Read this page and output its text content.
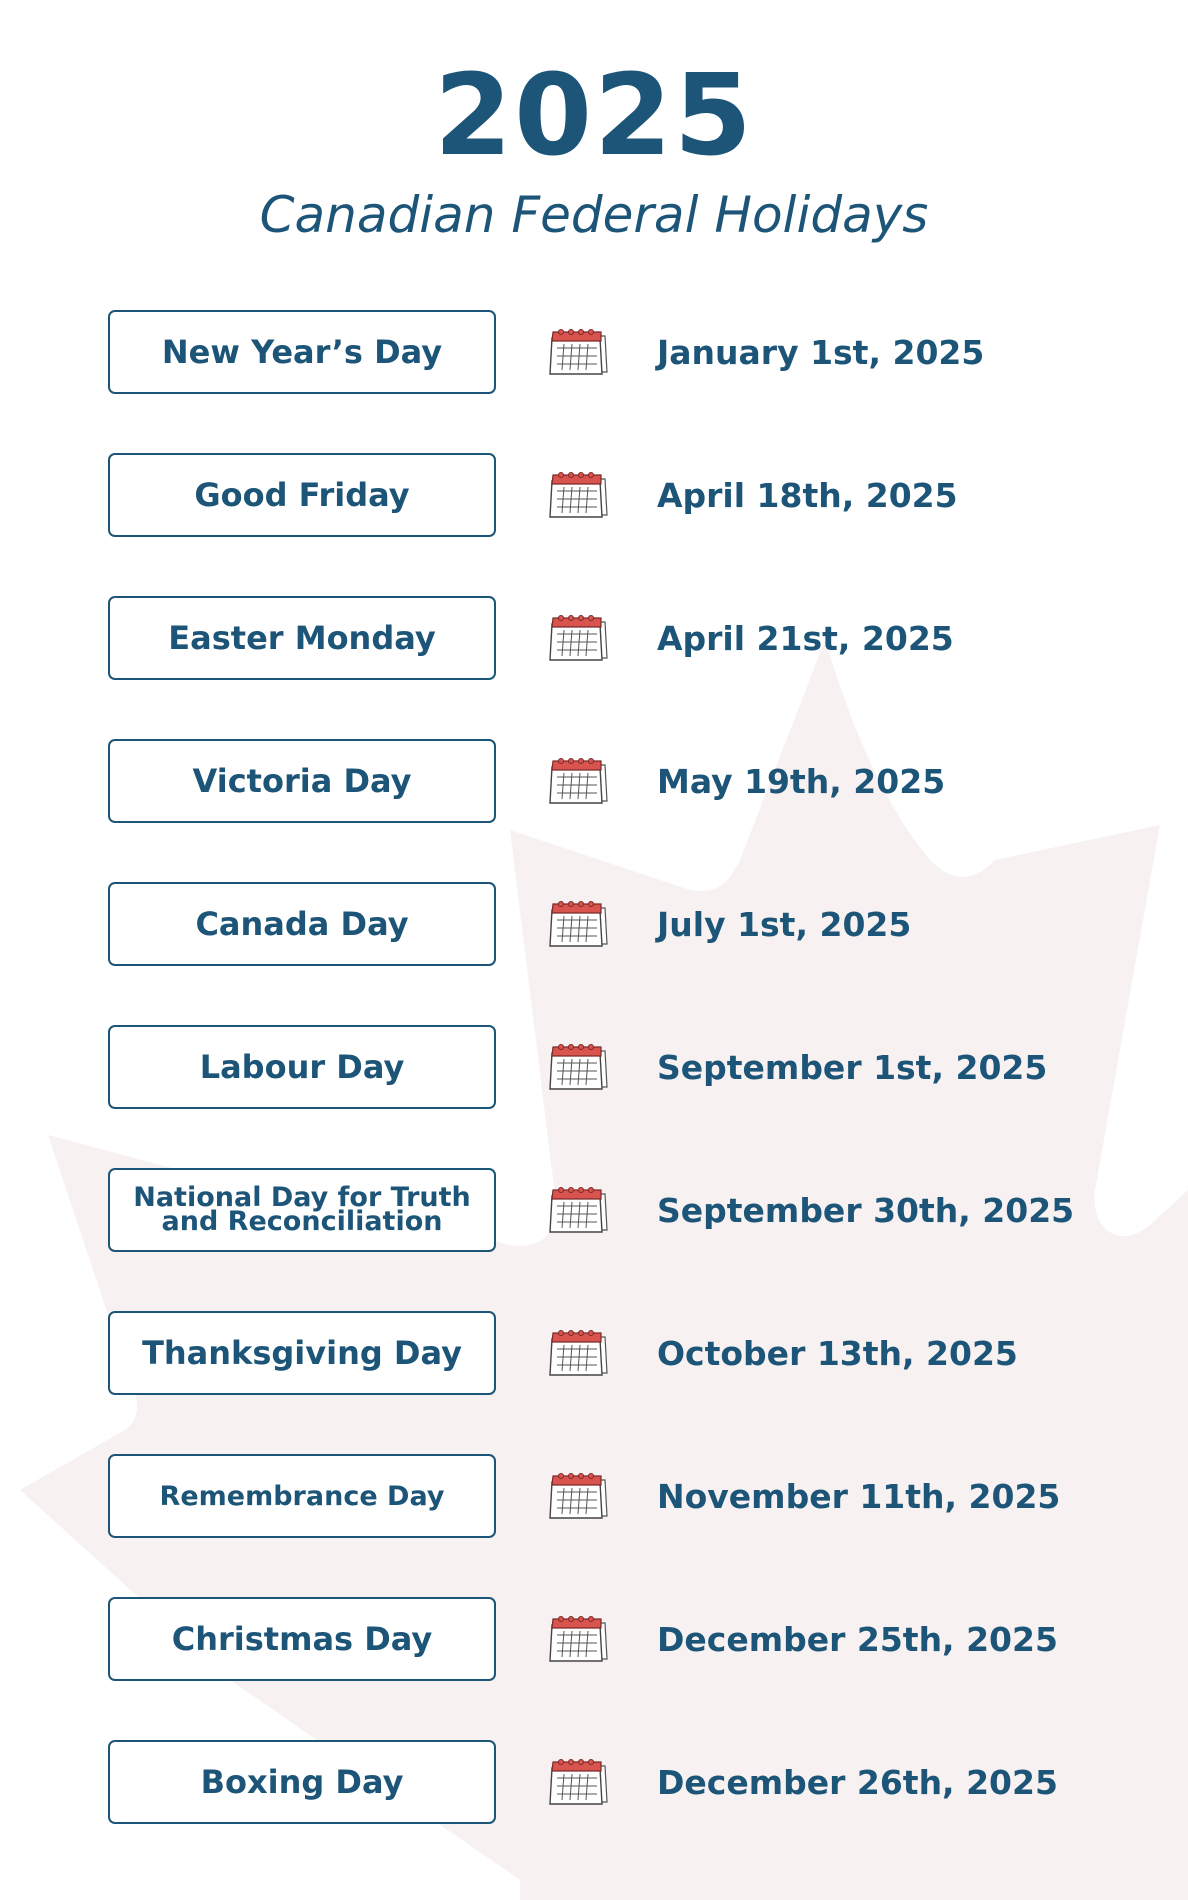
2025
Canadian Federal Holidays
New Year’s Day	January 1st, 2025
Good Friday	April 18th, 2025
Easter Monday	April 21st, 2025
Victoria Day	May 19th, 2025
Canada Day	July 1st, 2025
Labour Day	September 1st, 2025
National Day for Truth and Reconciliation	September 30th, 2025
Thanksgiving Day	October 13th, 2025
Remembrance Day	November 11th, 2025
Christmas Day	December 25th, 2025
Boxing Day	December 26th, 2025
